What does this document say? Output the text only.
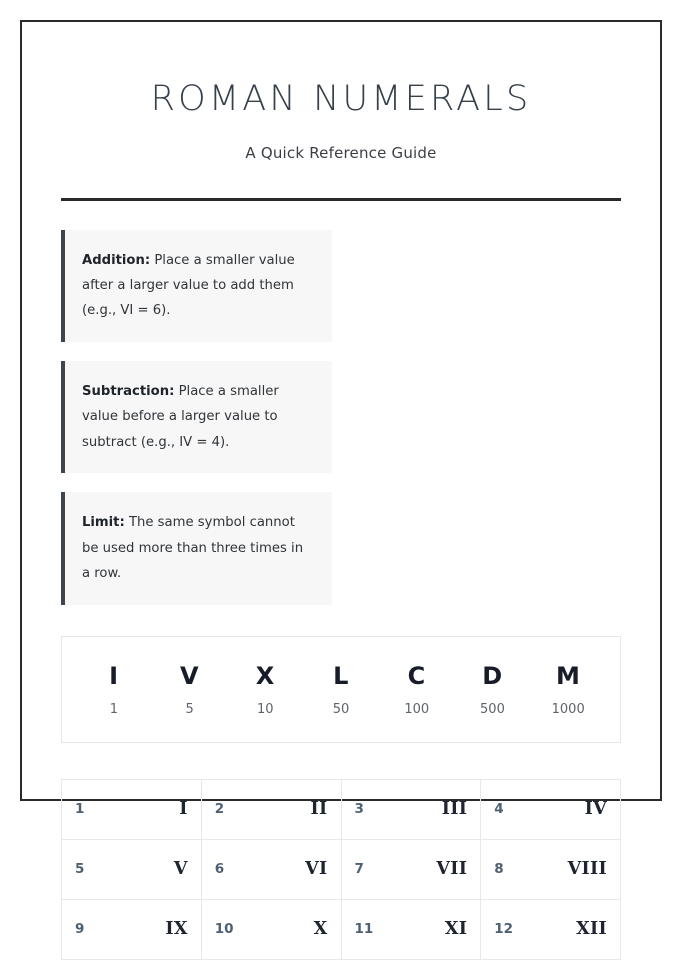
ROMAN NUMERALS

A Quick Reference Guide

Addition: Place a smaller value after a larger value to add them (e.g., VI = 6).
Subtraction: Place a smaller value before a larger value to subtract (e.g., IV = 4).
Limit: The same symbol cannot be used more than three times in a row.
I
1
V
5
X
10
L
50
C
100
D
500
M
1000
1	I	2	II	3	III	4	IV
5	V	6	VI	7	VII	8	VIII
9	IX	10	X	11	XI	12	XII
